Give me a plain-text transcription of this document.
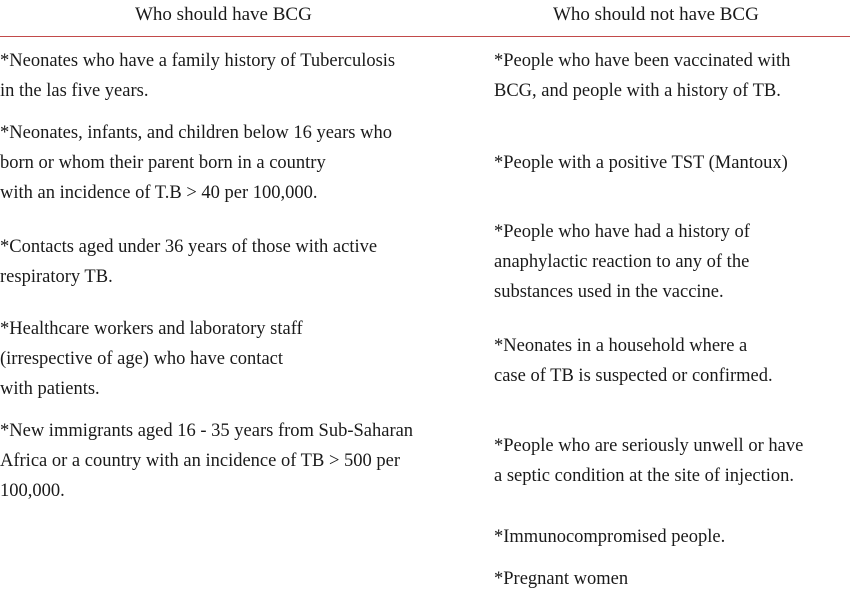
Who should have BCG	Who should not have BCG
*Neonates who have a family history of Tuberculosis
in the las five years.
*Neonates, infants, and children below 16 years who
born or whom their parent born in a country
with an incidence of T.B > 40 per 100,000.
*Contacts aged under 36 years of those with active
respiratory TB.
*Healthcare workers and laboratory staff
(irrespective of age) who have contact
with patients.
*New immigrants aged 16 - 35 years from Sub-Saharan
Africa or a country with an incidence of TB > 500 per
100,000.
*People who have been vaccinated with
BCG, and people with a history of TB.
*People with a positive TST (Mantoux)
*People who have had a history of
anaphylactic reaction to any of the
substances used in the vaccine.
*Neonates in a household where a
case of TB is suspected or confirmed.
*People who are seriously unwell or have
a septic condition at the site of injection.
*Immunocompromised people.
*Pregnant women
